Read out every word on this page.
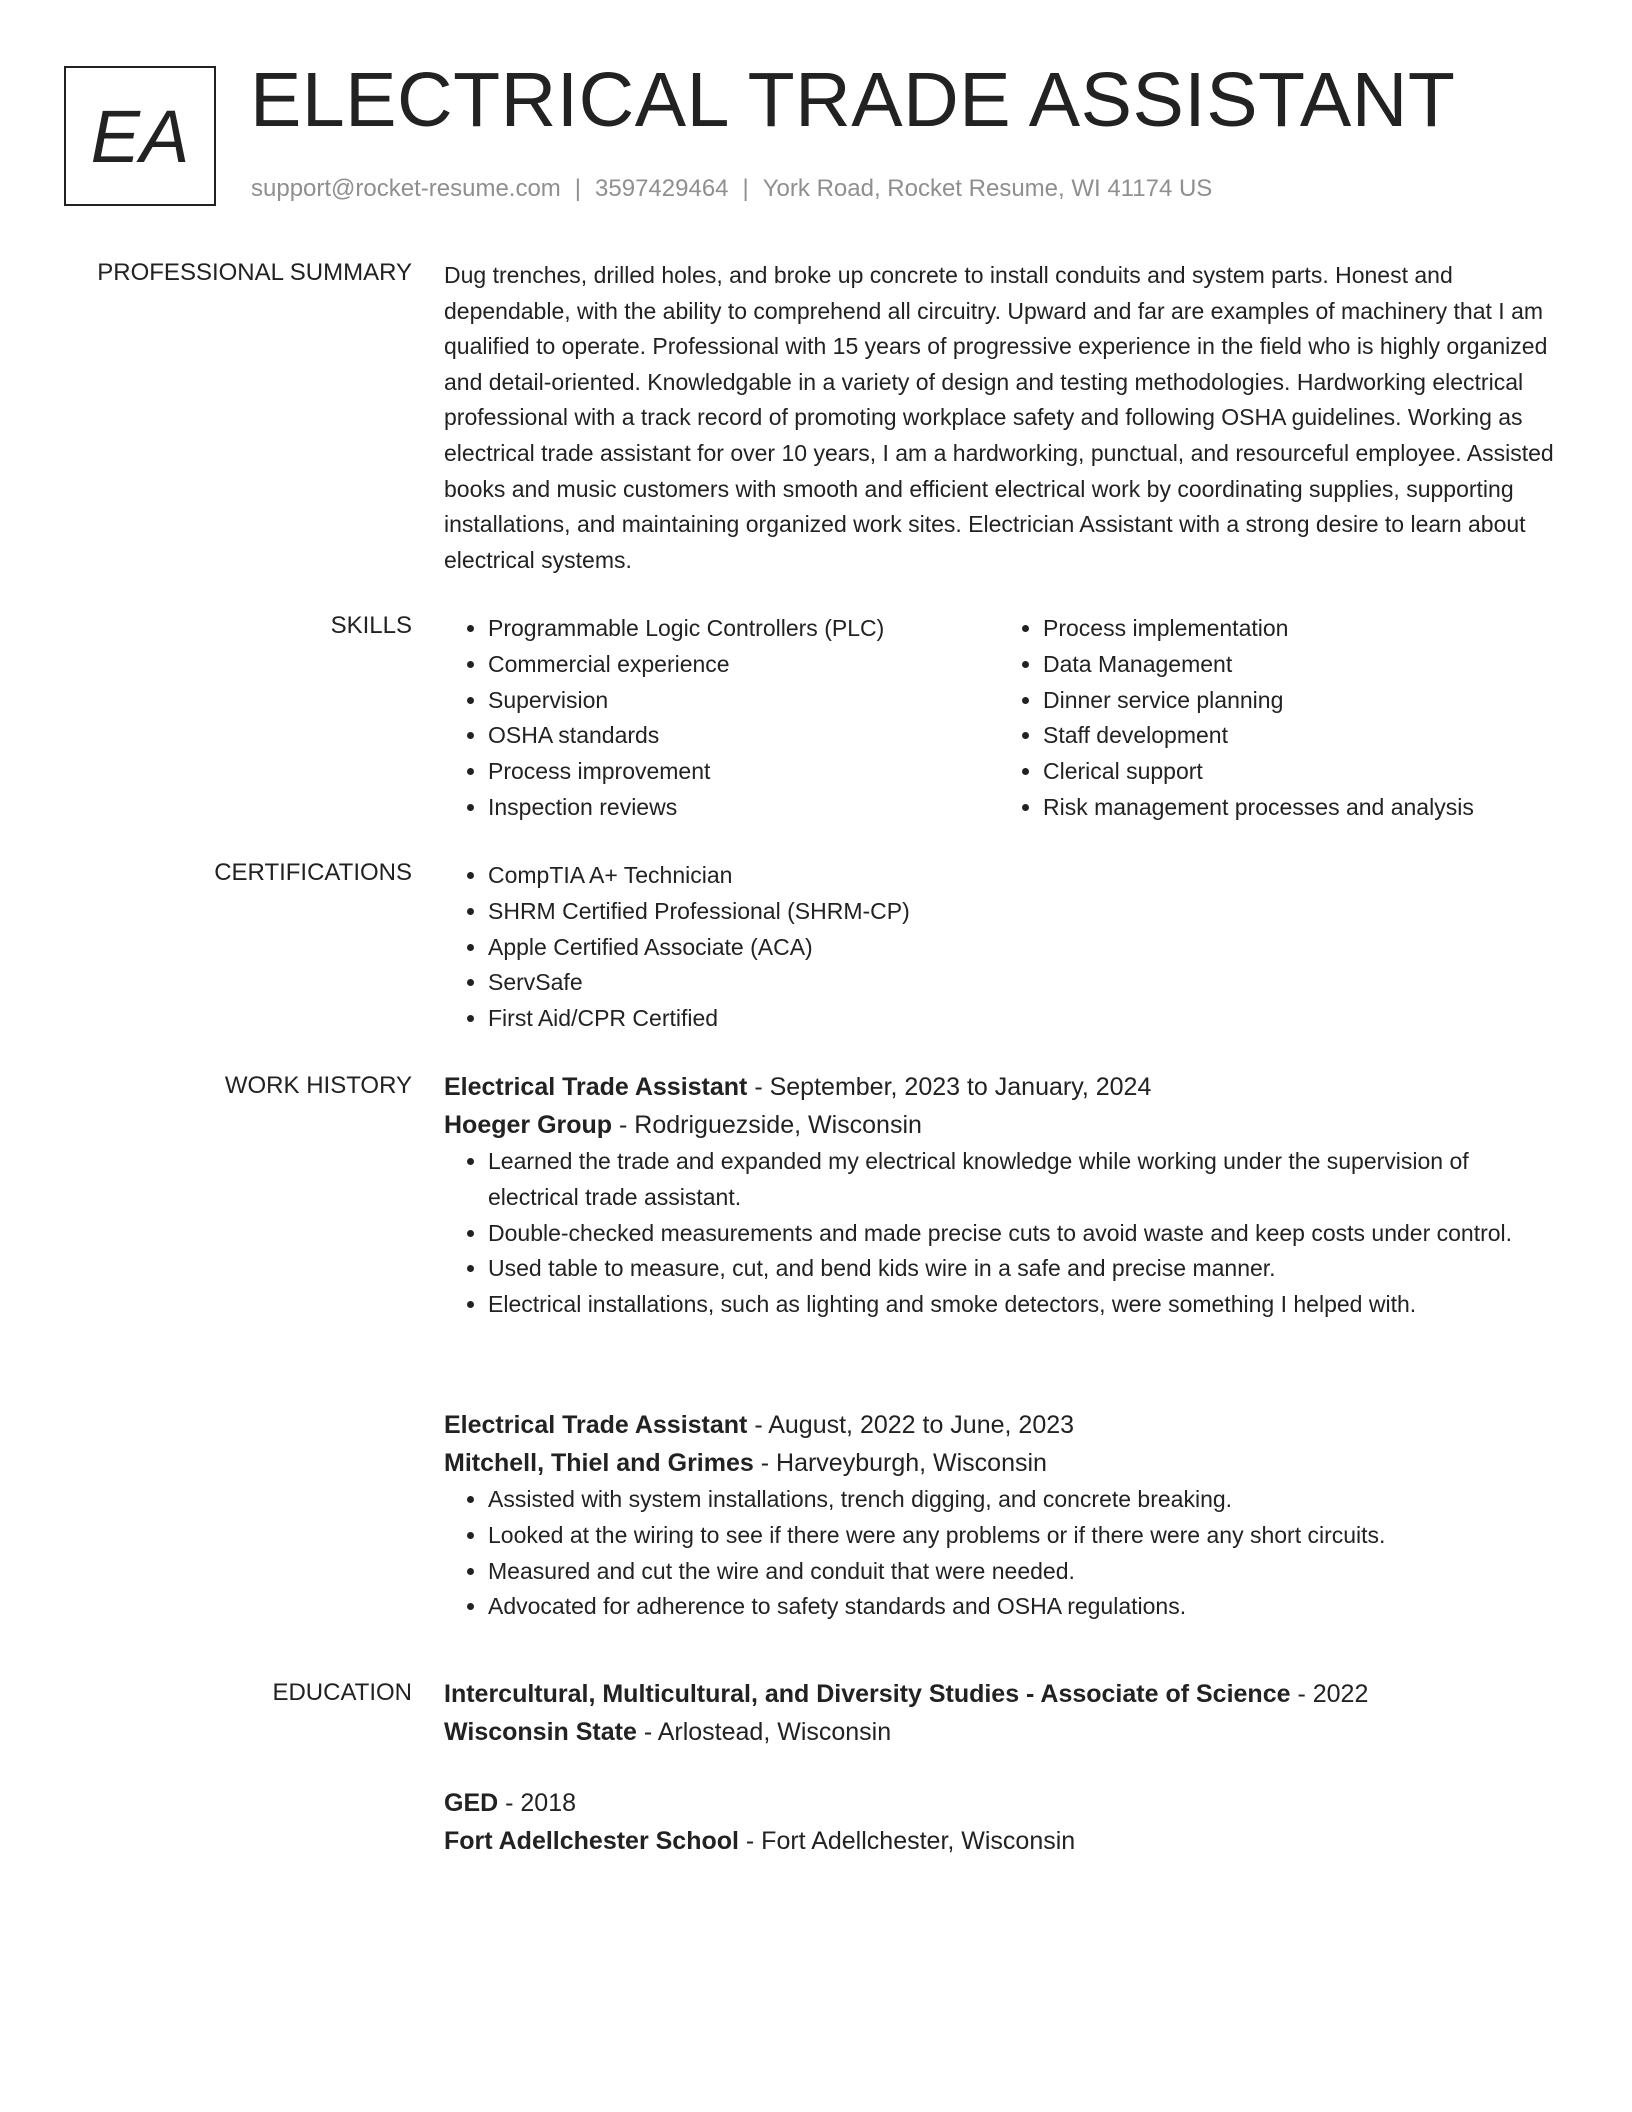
EA ELECTRICAL TRADE ASSISTANT
support@rocket-resume.com | 3597429464 | York Road, Rocket Resume, WI 41174 US
PROFESSIONAL SUMMARY Dug trenches, drilled holes, and broke up concrete to install conduits and system parts. Honest and dependable, with the ability to comprehend all circuitry. Upward and far are examples of machinery that I am qualified to operate. Professional with 15 years of progressive experience in the field who is highly organized and detail-oriented. Knowledgable in a variety of design and testing methodologies. Hardworking electrical professional with a track record of promoting workplace safety and following OSHA guidelines. Working as electrical trade assistant for over 10 years, I am a hardworking, punctual, and resourceful employee. Assisted books and music customers with smooth and efficient electrical work by coordinating supplies, supporting installations, and maintaining organized work sites. Electrician Assistant with a strong desire to learn about electrical systems.

SKILLS	• Programmable Logic Controllers (PLC)
• Commercial experience
• Supervision
• OSHA standards
• Process improvement
• Inspection reviews
• Process implementation
• Data Management
• Dinner service planning
• Staff development
• Clerical support
• Risk management processes and analysis
CERTIFICATIONS	• CompTIA A+ Technician
• SHRM Certified Professional (SHRM-CP)
• Apple Certified Associate (ACA)
• ServSafe
• First Aid/CPR Certified
WORK HISTORY Electrical Trade Assistant - September, 2023 to January, 2024
Hoeger Group - Rodriguezside, Wisconsin
• Learned the trade and expanded my electrical knowledge while working under the supervision of electrical trade assistant.
• Double-checked measurements and made precise cuts to avoid waste and keep costs under control.
• Used table to measure, cut, and bend kids wire in a safe and precise manner.
• Electrical installations, such as lighting and smoke detectors, were something I helped with.
Electrical Trade Assistant - August, 2022 to June, 2023
Mitchell, Thiel and Grimes - Harveyburgh, Wisconsin
• Assisted with system installations, trench digging, and concrete breaking.
• Looked at the wiring to see if there were any problems or if there were any short circuits.
• Measured and cut the wire and conduit that were needed.
• Advocated for adherence to safety standards and OSHA regulations.
EDUCATION Intercultural, Multicultural, and Diversity Studies - Associate of Science - 2022
Wisconsin State - Arlostead, Wisconsin
GED - 2018
Fort Adellchester School - Fort Adellchester, Wisconsin
